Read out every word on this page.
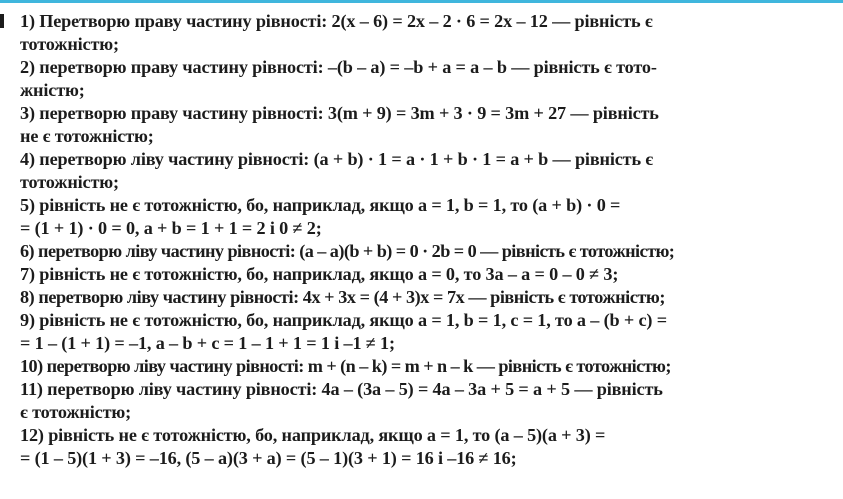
1) Перетворю праву частину рівності: 2(x – 6) = 2x – 2 · 6 = 2x – 12 — рівність є
тотожністю;
2) перетворю праву частину рівності: –(b – a) = –b + a = a – b — рівність є тото-
жністю;
3) перетворю праву частину рівності: 3(m + 9) = 3m + 3 · 9 = 3m + 27 — рівність
не є тотожністю;
4) перетворю ліву частину рівності: (a + b) · 1 = a · 1 + b · 1 = a + b — рівність є
тотожністю;
5) рівність не є тотожністю, бо, наприклад, якщо a = 1, b = 1, то (a + b) · 0 =
= (1 + 1) · 0 = 0, a + b = 1 + 1 = 2 і 0 ≠ 2;
6) перетворю ліву частину рівності: (a – a)(b + b) = 0 · 2b = 0 — рівність є тотожністю;
7) рівність не є тотожністю, бо, наприклад, якщо a = 0, то 3a – a = 0 – 0 ≠ 3;
8) перетворю ліву частину рівності: 4x + 3x = (4 + 3)x = 7x — рівність є тотожністю;
9) рівність не є тотожністю, бо, наприклад, якщо a = 1, b = 1, c = 1, то a – (b + c) =
= 1 – (1 + 1) = –1, a – b + c = 1 – 1 + 1 = 1 і –1 ≠ 1;
10) перетворю ліву частину рівності: m + (n – k) = m + n – k — рівність є тотожністю;
11) перетворю ліву частину рівності: 4a – (3a – 5) = 4a – 3a + 5 = a + 5 — рівність
є тотожністю;
12) рівність не є тотожністю, бо, наприклад, якщо a = 1, то (a – 5)(a + 3) =
= (1 – 5)(1 + 3) = –16, (5 – a)(3 + a) = (5 – 1)(3 + 1) = 16 і –16 ≠ 16;
